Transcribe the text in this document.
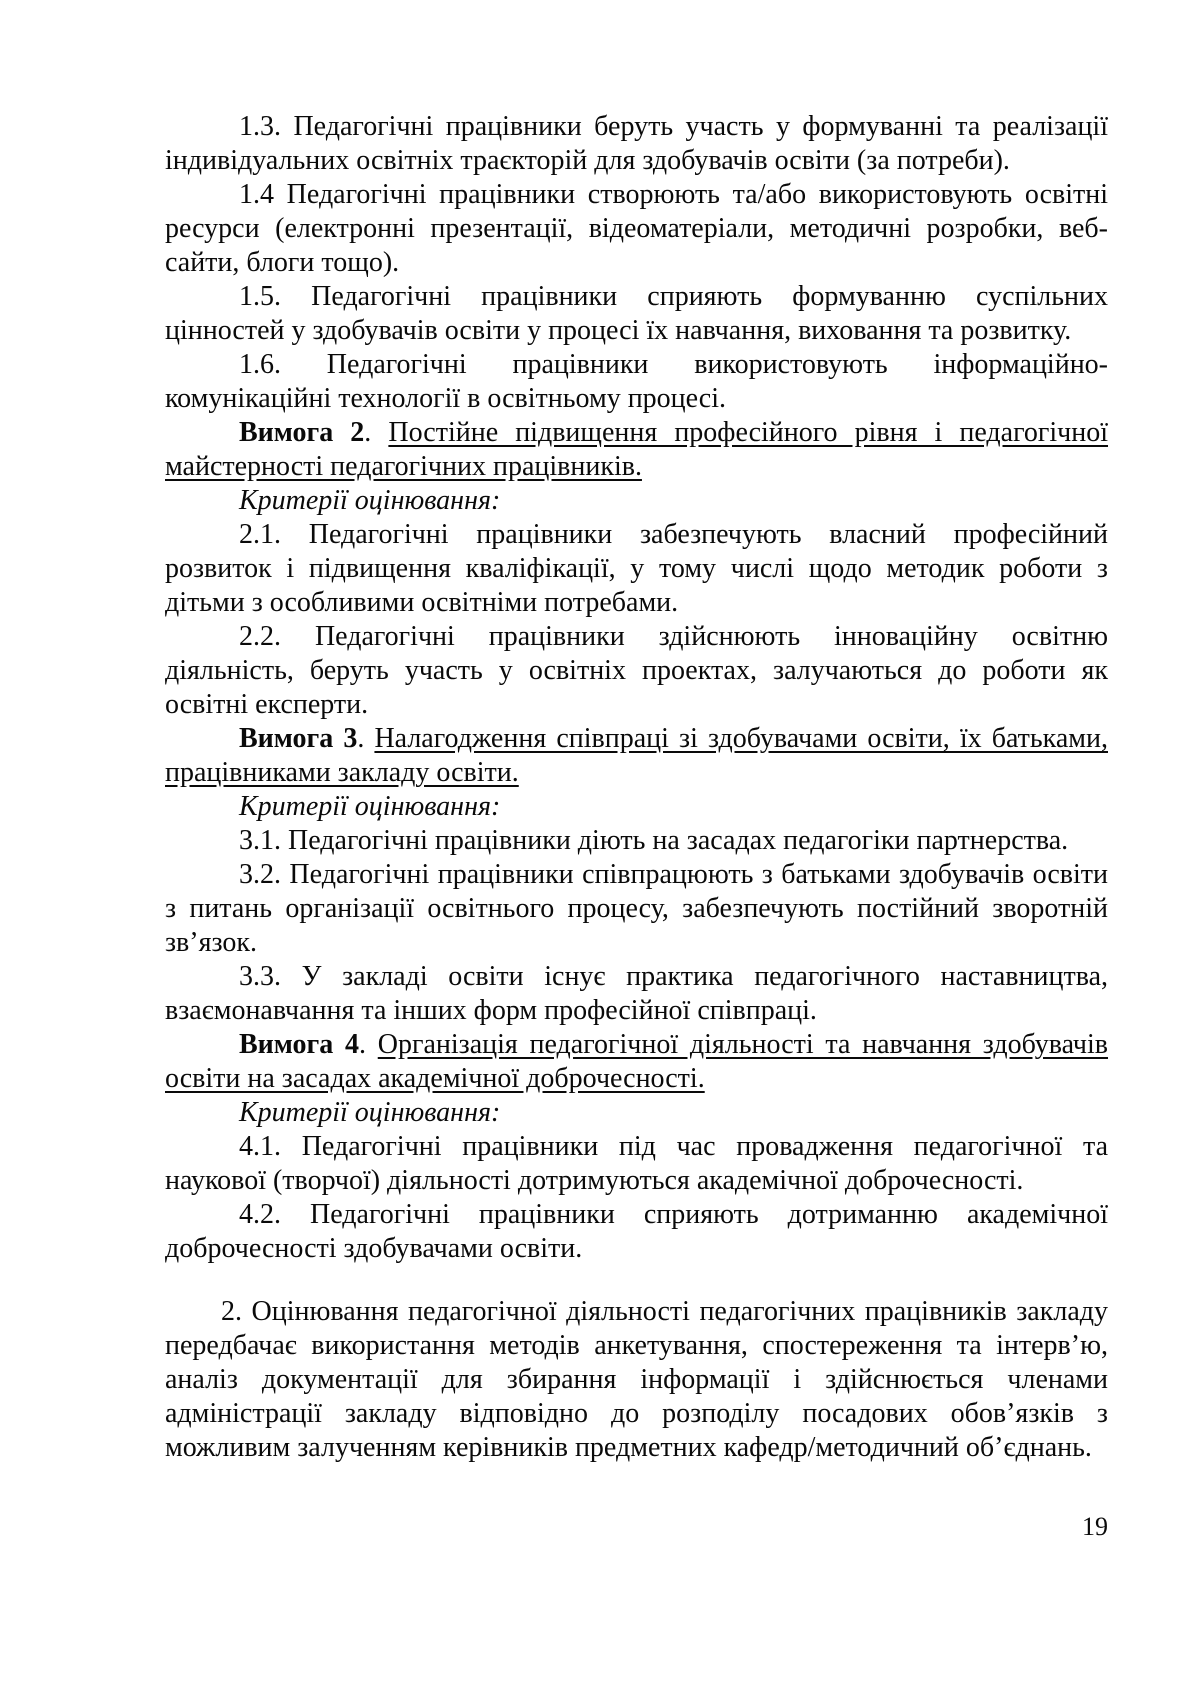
1.3. Педагогічні працівники беруть участь у формуванні та реалізації індивідуальних освітніх траєкторій для здобувачів освіти (за потреби).

1.4 Педагогічні працівники створюють та/або використовують освітні ресурси (електронні презентації, відеоматеріали, методичні розробки, веб-сайти, блоги тощо).

1.5. Педагогічні працівники сприяють формуванню суспільних цінностей у здобувачів освіти у процесі їх навчання, виховання та розвитку.

1.6. Педагогічні працівники використовують інформаційно-комунікаційні технології в освітньому процесі.

Вимога 2. Постійне підвищення професійного рівня і педагогічної майстерності педагогічних працівників.

Критерії оцінювання:

2.1. Педагогічні працівники забезпечують власний професійний розвиток і підвищення кваліфікації, у тому числі щодо методик роботи з дітьми з особливими освітніми потребами.

2.2. Педагогічні працівники здійснюють інноваційну освітню діяльність, беруть участь у освітніх проектах, залучаються до роботи як освітні експерти.

Вимога 3. Налагодження співпраці зі здобувачами освіти, їх батьками, працівниками закладу освіти.

Критерії оцінювання:

3.1. Педагогічні працівники діють на засадах педагогіки партнерства.

3.2. Педагогічні працівники співпрацюють з батьками здобувачів освіти з питань організації освітнього процесу, забезпечують постійний зворотній зв’язок.

3.3. У закладі освіти існує практика педагогічного наставництва, взаємонавчання та інших форм професійної співпраці.

Вимога 4. Організація педагогічної діяльності та навчання здобувачів освіти на засадах академічної доброчесності.

Критерії оцінювання:

4.1. Педагогічні працівники під час провадження педагогічної та наукової (творчої) діяльності дотримуються академічної доброчесності.

4.2. Педагогічні працівники сприяють дотриманню академічної доброчесності здобувачами освіти.

2. Оцінювання педагогічної діяльності педагогічних працівників закладу передбачає використання методів анкетування, спостереження та інтерв’ю, аналіз документації для збирання інформації і здійснюється членами адміністрації закладу відповідно до розподілу посадових обов’язків з можливим залученням керівників предметних кафедр/методичний об’єднань.

19
